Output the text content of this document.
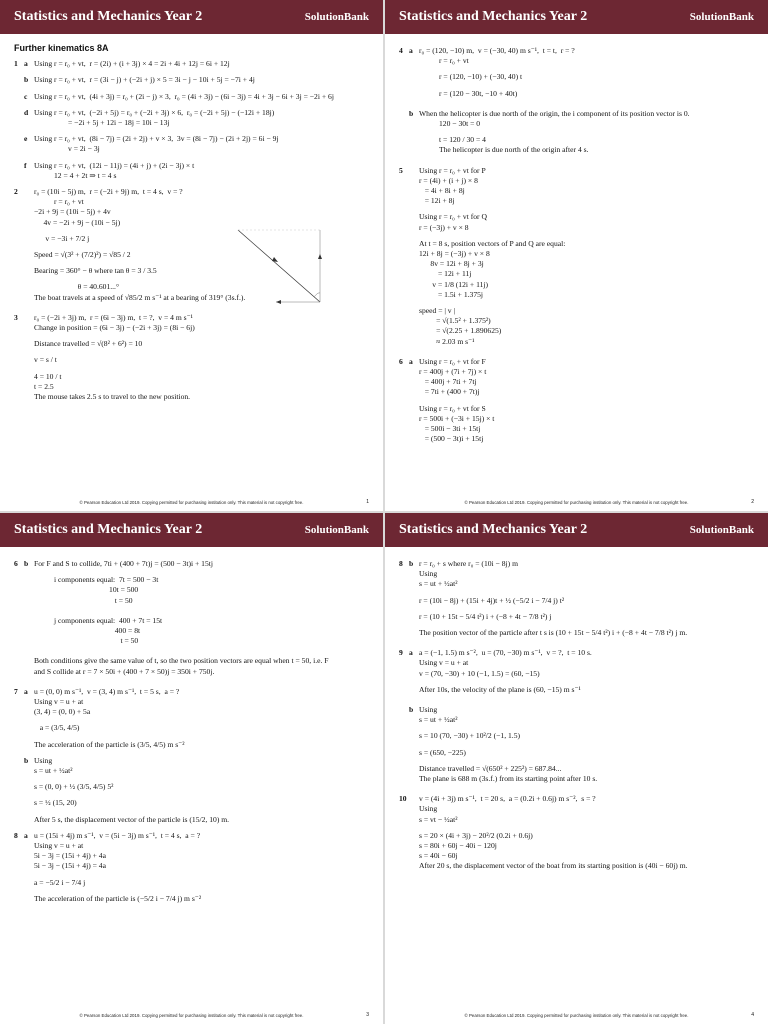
Statistics and Mechanics Year 2	SolutionBank
Further kinematics 8A
1 a Using r = r₀ + vt,  r = (2i) + (i + 3j) × 4 = 2i + 4i + 12j = 6i + 12j
b Using r = r₀ + vt,  r = (3i − j) + (−2i + j) × 5 = 3i − j − 10i + 5j = −7i + 4j
c Using r = r₀ + vt,  (4i + 3j) = r₀ + (2i − j) × 3,  r₀ = (4i + 3j) − (6i − 3j) = 4i + 3j − 6i + 3j = −2i + 6j
d Using r = r₀ + vt,  (−2i + 5j) = r₀ + (−2i + 3j) × 6,  r₀ = (−2i + 5j) − (−12i + 18j)
= −2i + 5j + 12i − 18j = 10i − 13j
e Using r = r₀ + vt,  (8i − 7j) = (2i + 2j) + v × 3,  3v = (8i − 7j) − (2i + 2j) = 6i − 9j
v = 2i − 3j
f Using r = r₀ + vt,  (12i − 11j) = (4i + j) + (2i − 3j) × t
12 = 4 + 2t ⇒ t = 4 s
2	r₀ = (10i − 5j) m,  r = (−2i + 9j) m,  t = 4 s,  v = ?
r = r₀ + vt
−2i + 9j = (10i − 5j) + 4v
4v = −2i + 9j − (10i − 5j)
v = −3i + 7/2 j
Speed = √(3² + (7/2)²) = √85 / 2
Bearing = 360° − θ where tan θ = 3 / 3.5
θ = 40.601...°
The boat travels at a speed of √85/2 m s⁻¹ at a bearing of 319° (3s.f.).
3	r₀ = (−2i + 3j) m,  r = (6i − 3j) m,  t = ?,  v = 4 m s⁻¹
Change in position = (6i − 3j) − (−2i + 3j) = (8i − 6j)
Distance travelled = √(8² + 6²) = 10
v = s / t
4 = 10 / t
t = 2.5
The mouse takes 2.5 s to travel to the new position.
© Pearson Education Ltd 2019. Copying permitted for purchasing institution only. This material is not copyright free.	1
Statistics and Mechanics Year 2	SolutionBank
4 a r₀ = (120, −10) m,  v = (−30, 40) m s⁻¹,  t = t,  r = ?
r = r₀ + vt
r = (120, −10) + (−30, 40) t
r = (120 − 30t, −10 + 40t)
b When the helicopter is due north of the origin, the i component of its position vector is 0.
120 − 30t = 0
t = 120 / 30 = 4
The helicopter is due north of the origin after 4 s.
5	Using r = r₀ + vt for P
r = (4i) + (i + j) × 8
= 4i + 8i + 8j
= 12i + 8j
Using r = r₀ + vt for Q
r = (−3j) + v × 8
At t = 8 s, position vectors of P and Q are equal:
12i + 8j = (−3j) + v × 8
8v = 12i + 8j + 3j
= 12i + 11j
v = 1/8 (12i + 11j)
= 1.5i + 1.375j
speed = | v |
= √(1.5² + 1.375²)
= √(2.25 + 1.890625)
≈ 2.03 m s⁻¹
6 a Using r = r₀ + vt for F
r = 400j + (7i + 7j) × t
= 400j + 7ti + 7tj
= 7ti + (400 + 7t)j
Using r = r₀ + vt for S
r = 500i + (−3i + 15j) × t
= 500i − 3ti + 15tj
= (500 − 3t)i + 15tj
© Pearson Education Ltd 2019. Copying permitted for purchasing institution only. This material is not copyright free.	2
Statistics and Mechanics Year 2	SolutionBank
6 b For F and S to collide, 7ti + (400 + 7t)j = (500 − 3t)i + 15tj
i components equal:  7t = 500 − 3t
10t = 500
t = 50
j components equal:  400 + 7t = 15t
400 = 8t
t = 50
Both conditions give the same value of t, so the two position vectors are equal when t = 50, i.e. F
and S collide at r = 7 × 50i + (400 + 7 × 50)j = 350i + 750j.
7 a u = (0, 0) m s⁻¹,  v = (3, 4) m s⁻¹,  t = 5 s,  a = ?
Using v = u + at
(3, 4) = (0, 0) + 5a
a = (3/5, 4/5)
The acceleration of the particle is (3/5, 4/5) m s⁻²
b Using
s = ut + ½at²
s = (0, 0) + ½ (3/5, 4/5) 5²
s = ½ (15, 20)
After 5 s, the displacement vector of the particle is (15/2, 10) m.
8 a u = (15i + 4j) m s⁻¹,  v = (5i − 3j) m s⁻¹,  t = 4 s,  a = ?
Using v = u + at
5i − 3j = (15i + 4j) + 4a
5i − 3j − (15i + 4j) = 4a
a = −5/2 i − 7/4 j
The acceleration of the particle is (−5/2 i − 7/4 j) m s⁻²
© Pearson Education Ltd 2019. Copying permitted for purchasing institution only. This material is not copyright free.	3
Statistics and Mechanics Year 2	SolutionBank
8 b r = r₀ + s where r₀ = (10i − 8j) m
Using
s = ut + ½at²
r = (10i − 8j) + (15i + 4j)t + ½ (−5/2 i − 7/4 j) t²
r = (10 + 15t − 5/4 t²) i + (−8 + 4t − 7/8 t²) j
The position vector of the particle after t s is (10 + 15t − 5/4 t²) i + (−8 + 4t − 7/8 t²) j m.
9 a a = (−1, 1.5) m s⁻²,  u = (70, −30) m s⁻¹,  v = ?,  t = 10 s.
Using v = u + at
v = (70, −30) + 10 (−1, 1.5) = (60, −15)
After 10s, the velocity of the plane is (60, −15) m s⁻¹
b Using
s = ut + ½at²
s = 10 (70, −30) + 10²/2 (−1, 1.5)
s = (650, −225)
Distance travelled = √(650² + 225²) = 687.84...
The plane is 688 m (3s.f.) from its starting point after 10 s.
10	v = (4i + 3j) m s⁻¹,  t = 20 s,  a = (0.2i + 0.6j) m s⁻²,  s = ?
Using
s = vt − ½at²
s = 20 × (4i + 3j) − 20²/2 (0.2i + 0.6j)
s = 80i + 60j − 40i − 120j
s = 40i − 60j
After 20 s, the displacement vector of the boat from its starting position is (40i − 60j) m.
© Pearson Education Ltd 2019. Copying permitted for purchasing institution only. This material is not copyright free.	4
